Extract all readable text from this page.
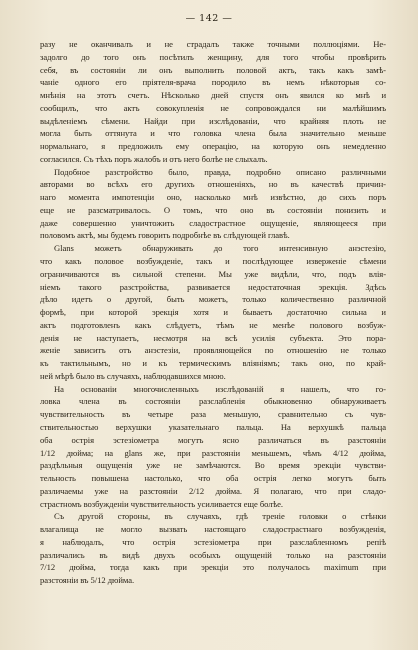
— 142 —
разу не оканчивалъ и не страдалъ также точными поллюціями. Не-
задолго до того онъ посѣтилъ женщину, для того чтобы провѣрить
себя, въ состояніи ли онъ выполнить половой актъ, такъ какъ замѣ-
чаніе одного его пріятеля-врача породило въ немъ нѣкоторыя со-
мнѣнія на этотъ счетъ. Нѣсколько дней спустя онъ явился ко мнѣ и
сообщилъ, что актъ совокупленія не сопровождался ни малѣйшимъ
выдѣленіемъ сѣмени. Найди при изслѣдованіи, что крайняя плоть не
могла быть оттянута и что головка члена была значительно меньше
нормальнаго, я предложилъ ему операцію, на которую онъ немедленно
согласился. Съ тѣхъ поръ жалобъ и отъ него болѣе не слыхалъ.
Подобное разстройство было, правда, подробно описано различными
авторами во всѣхъ его другихъ отношеніяхъ, но въ качествѣ причин-
наго момента импотенціи оно, насколько мнѣ извѣстно, до сихъ поръ
еще не разсматривалось. О томъ, что оно въ состояніи понизить и
даже совершенно уничтожить сладострастное ощущеніе, являющееся при
половомъ актѣ, мы будемъ говорить подробнѣе въ слѣдующей главѣ.
Glans можетъ обнаруживать до того интенсивную анэстезію,
что какъ половое возбужденіе, такъ и послѣдующее изверженіе сѣмени
ограничиваются въ сильной степени. Мы уже видѣли, что, подъ влія-
ніемъ такого разстройства, развивается недостаточная эрекція. Здѣсь
дѣло идетъ о другой, быть можетъ, только количественно различной
формѣ, при которой эрекція хотя и бываетъ достаточно сильна и
актъ подготовленъ какъ слѣдуетъ, тѣмъ не менѣе полового возбуж-
денія не наступаетъ, несмотря на всѣ усилія субъекта. Это пора-
женіе зависитъ отъ анэстезіи, проявляющейся по отношенію не только
къ тактильнымъ, но и къ термическимъ вліяніямъ; такъ оно, по край-
ней мѣрѣ было въ случаяхъ, наблюдавшихся мною.
На основаніи многочисленныхъ изслѣдованій я нашелъ, что го-
ловка члена въ состояніи разслабленія обыкновенно обнаруживаетъ
чувствительность въ четыре раза меньшую, сравнительно съ чув-
ствительностью верхушки указательнаго пальца. На верхушкѣ пальца
оба острія эстезіометра могутъ ясно различаться въ разстояніи
1/12 дюйма; на glans же, при разстояніи меньшемъ, чѣмъ 4/12 дюйма,
раздѣльныя ощущенія уже не замѣчаются. Во время эрекціи чувстви-
тельность повышена настолько, что оба острія легко могутъ быть
различаемы уже на разстояніи 2/12 дюйма. Я полагаю, что при сладо-
страстномъ возбужденіи чувствительность усиливается еще болѣе.
Съ другой стороны, въ случаяхъ, гдѣ треніе головки о стѣнки
влагалища не могло вызвать настоящаго сладострастнаго возбужденія,
я наблюдалъ, что острія эстезіометра при разслабленномъ репіѣ
различались въ видѣ двухъ особыхъ ощущеній только на разстояніи
7/12 дюйма, тогда какъ при эрекціи это получалось maximum при
разстояніи въ 5/12 дюйма.
